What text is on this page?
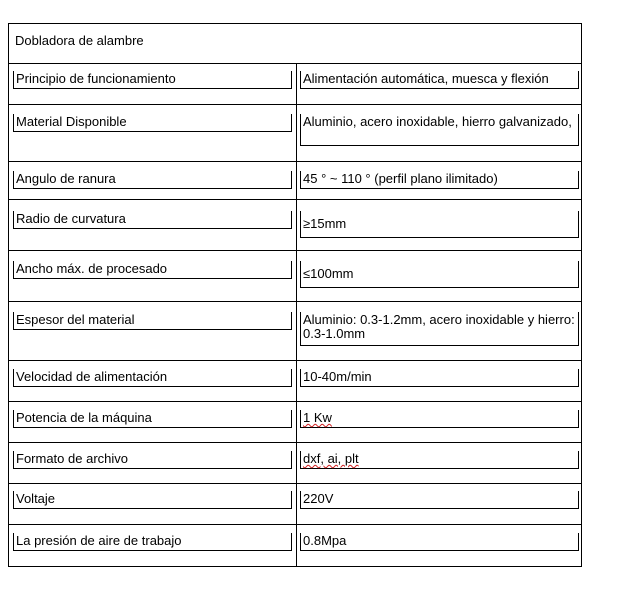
Dobladora de alambre
Principio de funcionamiento	Alimentación automática, muesca y flexión
Material Disponible	Aluminio, acero inoxidable, hierro galvanizado,
Angulo de ranura	45 ° ~ 110 ° (perfil plano ilimitado)
Radio de curvatura	≥15mm
Ancho máx. de procesado	≤100mm
Espesor del material	Aluminio: 0.3-1.2mm, acero inoxidable y hierro: 0.3-1.0mm
Velocidad de alimentación	10-40m/min
Potencia de la máquina	1 Kw
Formato de archivo	dxf, ai, plt
Voltaje	220V
La presión de aire de trabajo	0.8Mpa
